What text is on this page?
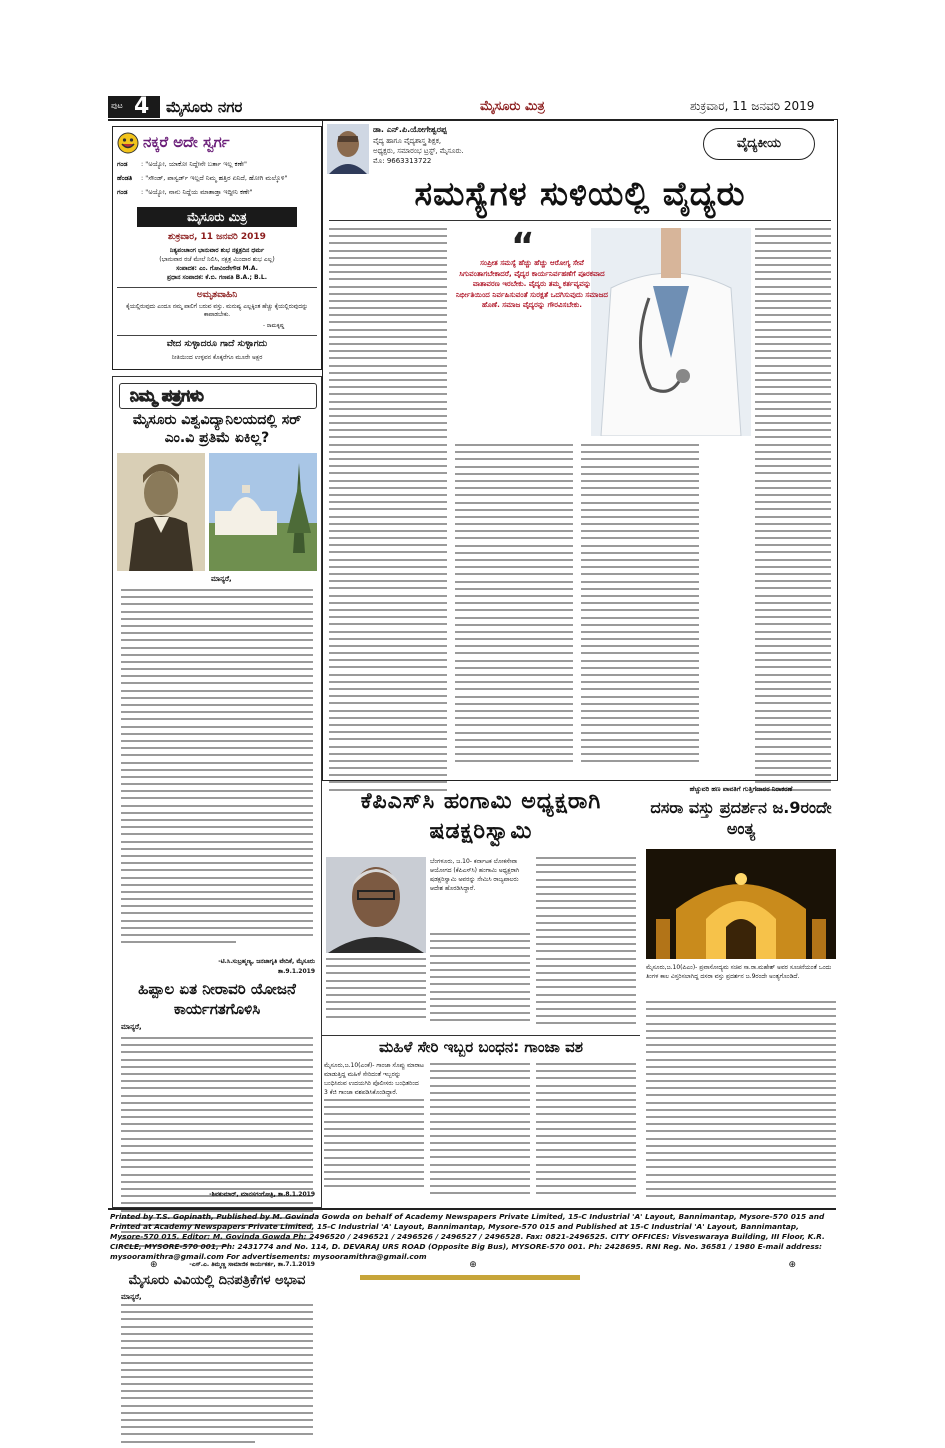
ಪುಟ 4 ಮೈಸೂರು ನಗರ	ಮೈಸೂರು ಮಿತ್ರ	ಶುಕ್ರವಾರ, 11 ಜನವರಿ 2019
ನಕ್ಕರೆ ಅದೇ ಸ್ವರ್ಗ
ಗಂಡ	: "ಅಯ್ಯೋ, ಯಾಕೋ ನಿದ್ದೇನೇ ಬರ್ತಾ ಇಲ್ಲ ಕಣೇ"
ಹೆಂಡತಿ	: "ಸೌಂಡ್, ಪಾಸ್ವರ್ಡ್ ಇಲ್ಲದೆ ನಿಮ್ಮ ಹತ್ತಿರ ಏನಿದೆ, ಹೋಗಿ ಮಲ್ಕೊಳಿ"
ಗಂಡ	: "ಅಯ್ಯೋ, ನಾನು ನಿದ್ದೆಯ ಮಾತಾಡ್ತಾ ಇದ್ದೀನಿ ಕಣೇ"
ಮೈಸೂರು ಮಿತ್ರ
ಶುಕ್ರವಾರ, 11 ಜನವರಿ 2019
ನಿತ್ಯಪಂಚಾಂಗ ಭಾನುವಾರ ಶುಭ ನಕ್ಷತ್ರದಿನ ಧರ್ಮ
(ಭಾನುವಾರ ರಜೆ ಮೇಲೆ ನಿಲಿಸಿ, ನಕ್ಷತ್ರ ಮಿಂದಾರ ಶುಭ ಎಲ್ಲ)
ಸಂಪಾದಕ: ಎಂ. ಗೋವಿಂದೇಗೌಡ M.A.
ಪ್ರಧಾನ ಸಂಪಾದಕ: ಕೆ.ಬಿ. ಗಣಪತಿ B.A.; B.L.
ಅಮೃತವಾಹಿನಿ
ಕೈಯಲ್ಲಿರುವುದು ಎಂದೂ ನಮ್ಮ ಪಾಲಿಗೆ ಬರುವ ವಸ್ತು. ಮನುಷ್ಯ ಎಲ್ಲಕ್ಕಿಂತ ಹೆಚ್ಚು ಕೈಯಲ್ಲಿರುವುದನ್ನು ಕಾಪಾಡಬೇಕು.
- ರಾಮಕೃಷ್ಣ
ವೇದ ಸುಳ್ಳಾದರೂ ಗಾದೆ ಸುಳ್ಳಾಗದು
ನೀತಿಯಿಂದ ಉಳ್ಳವನ ಕೊಕ್ಕರೆಗೂ ಮೂರೇ ಅಕ್ಷರ
ನಿಮ್ಮ ಪತ್ರಗಳು
ಮೈಸೂರು ವಿಶ್ವವಿದ್ಯಾನಿಲಯದಲ್ಲಿ ಸರ್ ಎಂ.ವಿ ಪ್ರತಿಮೆ ಏಕಿಲ್ಲ?
ಮಾನ್ಯರೆ,
-ಟಿ.ಸಿ.ಸುಬ್ರಹ್ಮಣ್ಯ, ಜನಜಾಗೃತಿ ವೇದಿಕೆ, ಮೈಸೂರು
ತಾ.9.1.2019
ಹಿಪ್ಪಾಲ ಏತ ನೀರಾವರಿ ಯೋಜನೆ ಕಾರ್ಯಗತಗೊಳಿಸಿ
ಮಾನ್ಯರೆ,
-ಎಸ್.ಎ. ತಿಮ್ಮಣ್ಣ ಸಾಮಾಜಿಕ ಕಾರ್ಯಕರ್ತ, ತಾ.7.1.2019
ಮೈಸೂರು ವಿವಿಯಲ್ಲಿ ದಿನಪತ್ರಿಕೆಗಳ ಅಭಾವ
ಮಾನ್ಯರೆ,
-ಶಿವಕುಮಾರ್, ಮಾನಸಗಂಗೋತ್ರಿ, ತಾ.8.1.2019
ಡಾ. ಎನ್.ಪಿ.ಯೋಗೇಶ್ವರಪ್ಪ
ವೈದ್ಯ ಹಾಗೂ ವೈದ್ಯಶಾಸ್ತ್ರ ಶಿಕ್ಷಕ,
ಅಧ್ಯಕ್ಷರು, ಸಮಾರಂಭ ಟ್ರಸ್ಟ್, ಮೈಸೂರು.
ಮೊ: 9663313722
ವೈದ್ಯಕೀಯ
ಸಮಸ್ಯೆಗಳ ಸುಳಿಯಲ್ಲಿ ವೈದ್ಯರು
“
ಸಂಪ್ರೀತ ಸಮಸ್ಯೆ ಹೆಚ್ಚು ಹೆಚ್ಚು ಆರೋಗ್ಯ ಸೇವೆ ಸಿಗುವಂತಾಗಬೇಕಾದರೆ, ವೈದ್ಯರ ಕಾರ್ಯನಿರ್ವಹಣೆಗೆ ಪೂರಕವಾದ ವಾತಾವರಣ ಇರಬೇಕು. ವೈದ್ಯರು ತಮ್ಮ ಕರ್ತವ್ಯವನ್ನು ನಿರ್ಭೀತಿಯಿಂದ ನಿರ್ವಹಿಸುವಂತೆ ಸುರಕ್ಷತೆ ಒದಗಿಸುವುದು ಸಮಾಜದ ಹೊಣೆ. ಸಮಾಜ ವೈದ್ಯರನ್ನು ಗೌರವಿಸಬೇಕು.
ಕೆಪಿಎಸ್‌ಸಿ ಹಂಗಾಮಿ ಅಧ್ಯಕ್ಷರಾಗಿ ಷಡಕ್ಷರಿಸ್ವಾಮಿ
ಬೆಂಗಳೂರು, ಜ.10- ಕರ್ನಾಟಕ ಲೋಕಸೇವಾ ಆಯೋಗದ (ಕೆಪಿಎಸ್‌ಸಿ) ಹಂಗಾಮಿ ಅಧ್ಯಕ್ಷರಾಗಿ ಷಡಕ್ಷರಿಸ್ವಾಮಿ ಅವರನ್ನು ನೇಮಿಸಿ ರಾಜ್ಯಪಾಲರು ಆದೇಶ ಹೊರಡಿಸಿದ್ದಾರೆ.
ಹೆಚ್ಚುವರಿ ಹಣ ಪಾವತಿಗೆ ಗುತ್ತಿಗೆದಾರರ ನಿರಾಕರಣೆ
ದಸರಾ ವಸ್ತು ಪ್ರದರ್ಶನ ಜ.9ರಂದೇ ಅಂತ್ಯ
ಮೈಸೂರು,ಜ.10(ಪಿಎಂ)- ಪ್ರವಾಸೋದ್ಯಮ ಸಚಿವ ಸಾ.ರಾ.ಮಹೇಶ್ ಅವರ ಸೂಚನೆಯಂತೆ ಒಂದು ತಿಂಗಳ ಕಾಲ ವಿಸ್ತರಿಸಲಾಗಿದ್ದ ದಸರಾ ವಸ್ತು ಪ್ರದರ್ಶನ ಜ.9ರಂದೇ ಅಂತ್ಯಗೊಂಡಿದೆ.
ಮಹಿಳೆ ಸೇರಿ ಇಬ್ಬರ ಬಂಧನ: ಗಾಂಜಾ ವಶ
ಮೈಸೂರು,ಜ.10(ಎಂಕೆ)- ಗಾಂಜಾ ಸೊಪ್ಪು ಮಾರಾಟ ಮಾಡುತ್ತಿದ್ದ ಮಹಿಳೆ ಸೇರಿದಂತೆ ಇಬ್ಬರನ್ನು ಬಂಧಿಸಿರುವ ಉದಯಗಿರಿ ಪೊಲೀಸರು ಬಂಧಿತರಿಂದ 3 ಕೆಜಿ ಗಾಂಜಾ ವಶಪಡಿಸಿಕೊಂಡಿದ್ದಾರೆ.
Printed by T.S. Gopinath, Published by M. Govinda Gowda on behalf of Academy Newspapers Private Limited, 15-C Industrial 'A' Layout, Bannimantap, Mysore-570 015 and Printed at Academy Newspapers Private Limited, 15-C Industrial 'A' Layout, Bannimantap, Mysore-570 015 and Published at 15-C Industrial 'A' Layout, Bannimantap, Mysore-570 015. Editor: M. Govinda Gowda Ph: 2496520 / 2496521 / 2496526 / 2496527 / 2496528. Fax: 0821-2496525. CITY OFFICES: Visveswaraya Building, III Floor, K.R. CIRCLE, MYSORE-570 001, Ph: 2431774 and No. 114, D. DEVARAJ URS ROAD (Opposite Big Bus), MYSORE-570 001. Ph: 2428695. RNI Reg. No. 36581 / 1980 E-mail address: mysooramithra@gmail.com For advertisements: mysooramithra@gmail.com
⊕	⊕	⊕
